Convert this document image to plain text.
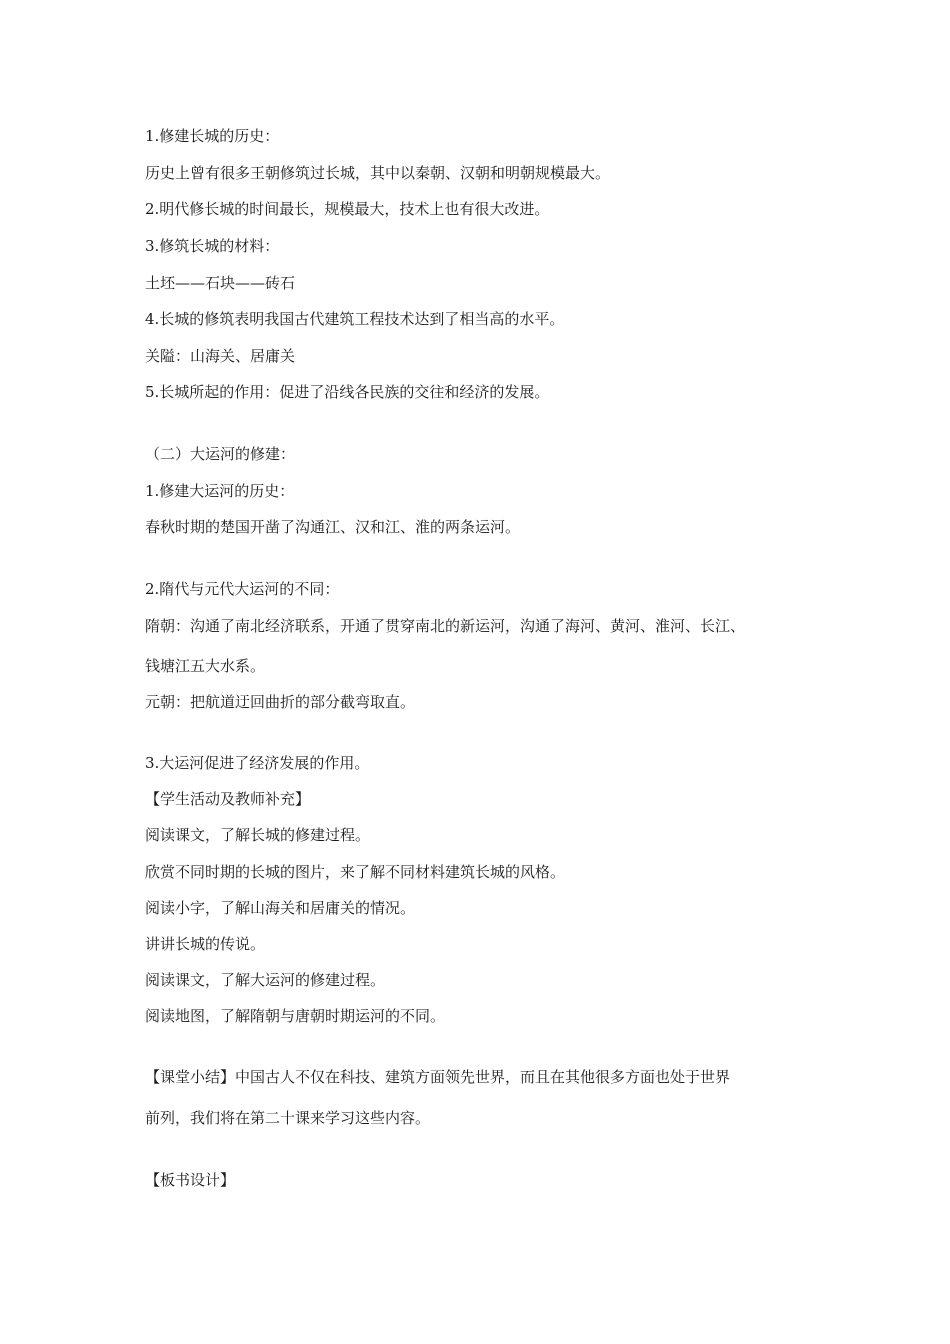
1.修建长城的历史：
历史上曾有很多王朝修筑过长城，其中以秦朝、汉朝和明朝规模最大。
2.明代修长城的时间最长，规模最大，技术上也有很大改进。
3.修筑长城的材料：
土坯——石块——砖石
4.长城的修筑表明我国古代建筑工程技术达到了相当高的水平。
关隘：山海关、居庸关
5.长城所起的作用：促进了沿线各民族的交往和经济的发展。
（二）大运河的修建：
1.修建大运河的历史：
春秋时期的楚国开凿了沟通江、汉和江、淮的两条运河。
2.隋代与元代大运河的不同：
隋朝：沟通了南北经济联系，开通了贯穿南北的新运河，沟通了海河、黄河、淮河、长江、
钱塘江五大水系。
元朝：把航道迂回曲折的部分截弯取直。
3.大运河促进了经济发展的作用。
【学生活动及教师补充】
阅读课文，了解长城的修建过程。
欣赏不同时期的长城的图片，来了解不同材料建筑长城的风格。
阅读小字，了解山海关和居庸关的情况。
讲讲长城的传说。
阅读课文，了解大运河的修建过程。
阅读地图，了解隋朝与唐朝时期运河的不同。
【课堂小结】中国古人不仅在科技、建筑方面领先世界，而且在其他很多方面也处于世界
前列，我们将在第二十课来学习这些内容。
【板书设计】
